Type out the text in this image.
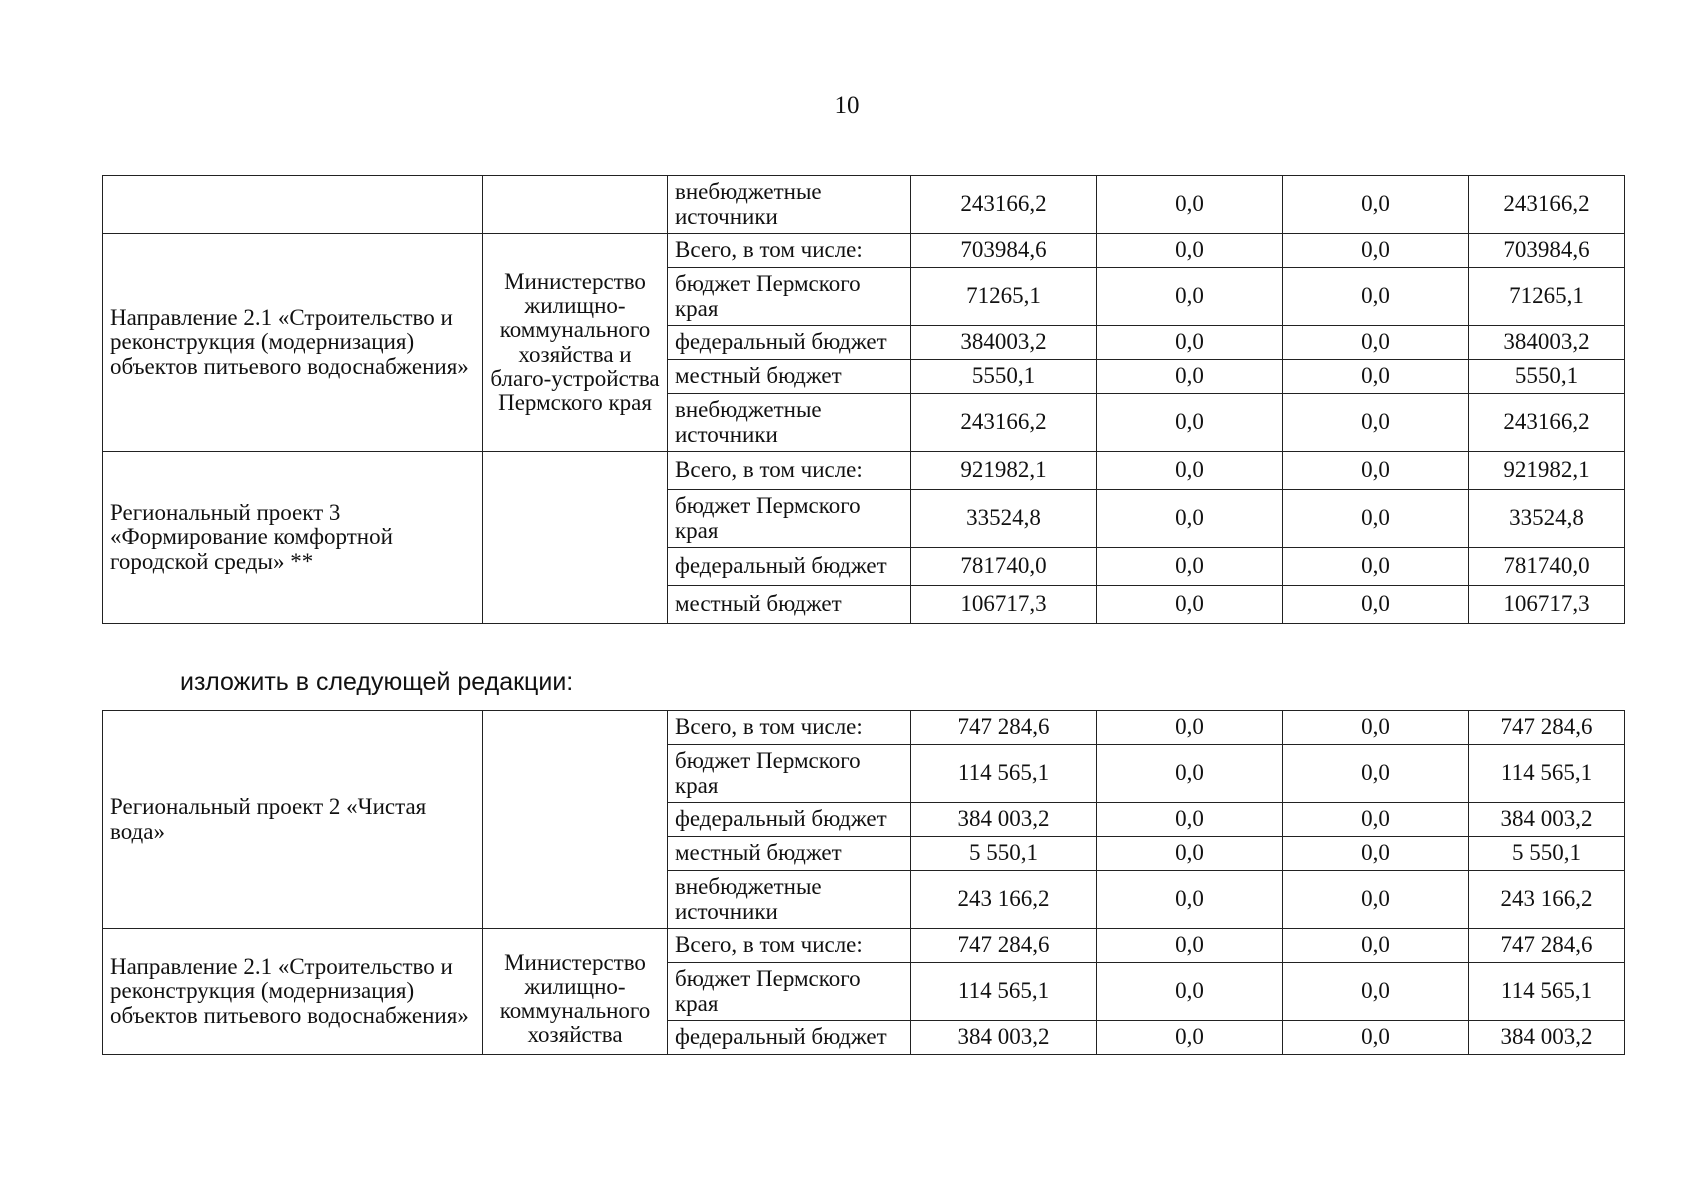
10
		внебюджетные источники	243166,2	0,0	0,0	243166,2
Направление 2.1 «Строительство и реконструкция (модернизация) объектов питьевого водоснабжения»	Министерство жилищно-коммунального хозяйства и благо-устройства Пермского края	Всего, в том числе:	703984,6	0,0	0,0	703984,6
		бюджет Пермского края	71265,1	0,0	0,0	71265,1
		федеральный бюджет	384003,2	0,0	0,0	384003,2
		местный бюджет	5550,1	0,0	0,0	5550,1
		внебюджетные источники	243166,2	0,0	0,0	243166,2
Региональный проект 3 «Формирование комфортной городской среды» **		Всего, в том числе:	921982,1	0,0	0,0	921982,1
		бюджет Пермского края	33524,8	0,0	0,0	33524,8
		федеральный бюджет	781740,0	0,0	0,0	781740,0
		местный бюджет	106717,3	0,0	0,0	106717,3
изложить в следующей редакции:
Региональный проект 2 «Чистая вода»		Всего, в том числе:	747 284,6	0,0	0,0	747 284,6
		бюджет Пермского края	114 565,1	0,0	0,0	114 565,1
		федеральный бюджет	384 003,2	0,0	0,0	384 003,2
		местный бюджет	5 550,1	0,0	0,0	5 550,1
		внебюджетные источники	243 166,2	0,0	0,0	243 166,2
Направление 2.1 «Строительство и реконструкция (модернизация) объектов питьевого водоснабжения»	Министерство жилищно-коммунального хозяйства	Всего, в том числе:	747 284,6	0,0	0,0	747 284,6
		бюджет Пермского края	114 565,1	0,0	0,0	114 565,1
		федеральный бюджет	384 003,2	0,0	0,0	384 003,2
